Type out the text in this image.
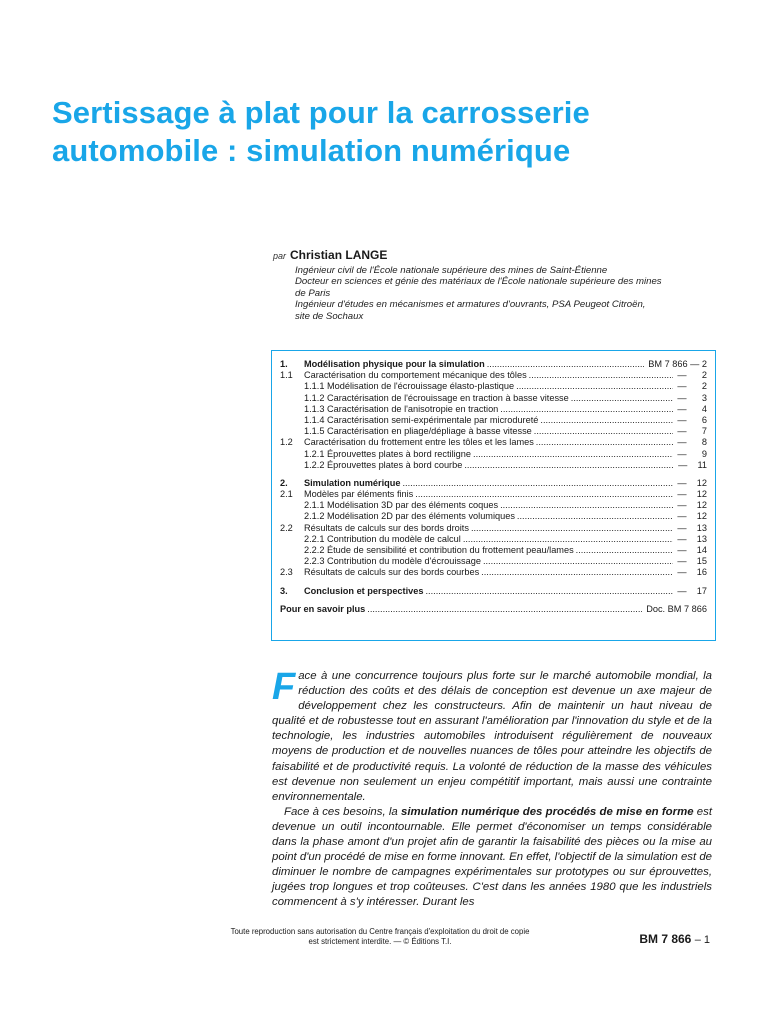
Sertissage à plat pour la carrosserie
automobile : simulation numérique
par Christian LANGE
Ingénieur civil de l'École nationale supérieure des mines de Saint-Étienne
Docteur en sciences et génie des matériaux de l'École nationale supérieure des mines
de Paris
Ingénieur d'études en mécanismes et armatures d'ouvrants, PSA Peugeot Citroën,
site de Sochaux
1.	Modélisation physique pour la simulation .....	BM 7 866 — 2
1.1	Caractérisation du comportement mécanique des tôles .....	—      2
1.1.1 Modélisation de l'écrouissage élasto-plastique .....	—      2
1.1.2 Caractérisation de l'écrouissage en traction à basse vitesse .....	—      3
1.1.3 Caractérisation de l'anisotropie en traction .....	—      4
1.1.4 Caractérisation semi-expérimentale par microdureté .....	—      6
1.1.5 Caractérisation en pliage/dépliage à basse vitesse .....	—      7
1.2	Caractérisation du frottement entre les tôles et les lames .....	—      8
1.2.1 Éprouvettes plates à bord rectiligne .....	—      9
1.2.2 Éprouvettes plates à bord courbe .....	—    11
2.	Simulation numérique .....	—    12
2.1	Modèles par éléments finis .....	—    12
2.1.1 Modélisation 3D par des éléments coques .....	—    12
2.1.2 Modélisation 2D par des éléments volumiques .....	—    12
2.2	Résultats de calculs sur des bords droits .....	—    13
2.2.1 Contribution du modèle de calcul .....	—    13
2.2.2 Étude de sensibilité et contribution du frottement peau/lames .....	—    14
2.2.3 Contribution du modèle d'écrouissage .....	—    15
2.3	Résultats de calculs sur des bords courbes .....	—    16
3.	Conclusion et perspectives .....	—    17
Pour en savoir plus .....	Doc. BM 7 866

Face à une concurrence toujours plus forte sur le marché automobile mondial, la réduction des coûts et des délais de conception est devenue un axe majeur de développement chez les constructeurs. Afin de maintenir un haut niveau de qualité et de robustesse tout en assurant l'amélioration par l'innovation du style et de la technologie, les industries automobiles introduisent régulièrement de nouveaux moyens de production et de nouvelles nuances de tôles pour atteindre les objectifs de faisabilité et de productivité requis. La volonté de réduction de la masse des véhicules est devenue non seulement un enjeu compétitif important, mais aussi une contrainte environnementale.

Face à ces besoins, la simulation numérique des procédés de mise en forme est devenue un outil incontournable. Elle permet d'économiser un temps considérable dans la phase amont d'un projet afin de garantir la faisabilité des pièces ou la mise au point d'un procédé de mise en forme innovant. En effet, l'objectif de la simulation est de diminuer le nombre de campagnes expérimentales sur prototypes ou sur éprouvettes, jugées trop longues et trop coûteuses. C'est dans les années 1980 que les industriels commencent à s'y intéresser. Durant les

Toute reproduction sans autorisation du Centre français d'exploitation du droit de copie
est strictement interdite. — © Éditions T.I.	BM 7 866 – 1
